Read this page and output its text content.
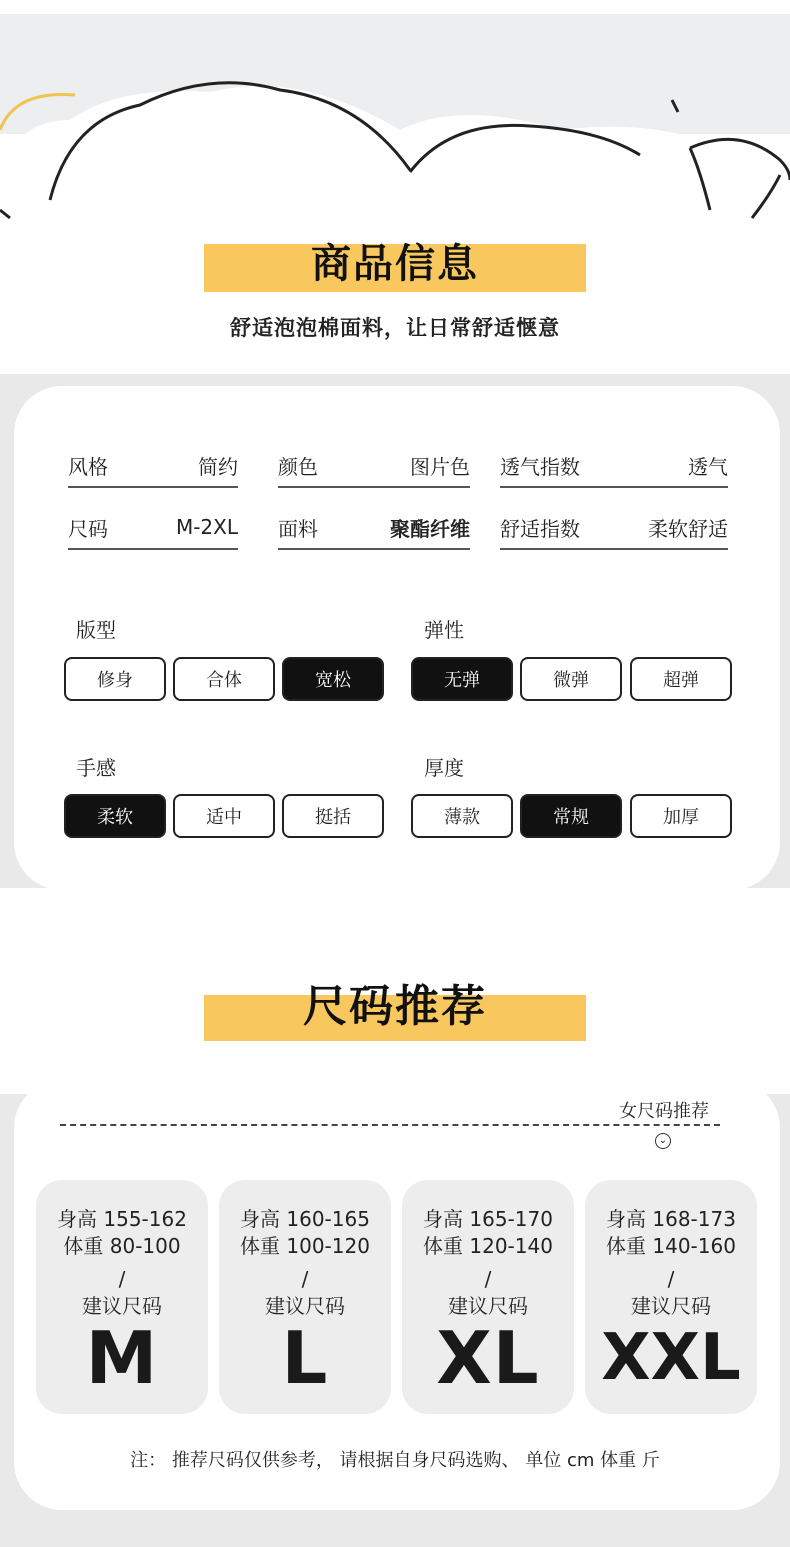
商品信息
舒适泡泡棉面料，让日常舒适惬意
风格	简约 颜色	图片色 透气指数	透气
尺码	M-2XL 面料	聚酯纤维 舒适指数	柔软舒适
版型
修身	合体	宽松
弹性
无弹	微弹	超弹
手感
柔软	适中	挺括
厚度
薄款	常规	加厚
尺码推荐
女尺码推荐
⌄
身高 155-162
体重 80-100
/
建议尺码
M
身高 160-165
体重 100-120
/
建议尺码
L
身高 165-170
体重 120-140
/
建议尺码
XL
身高 168-173
体重 140-160
/
建议尺码
XXL
注： 推荐尺码仅供参考， 请根据自身尺码选购、 单位 cm 体重 斤
